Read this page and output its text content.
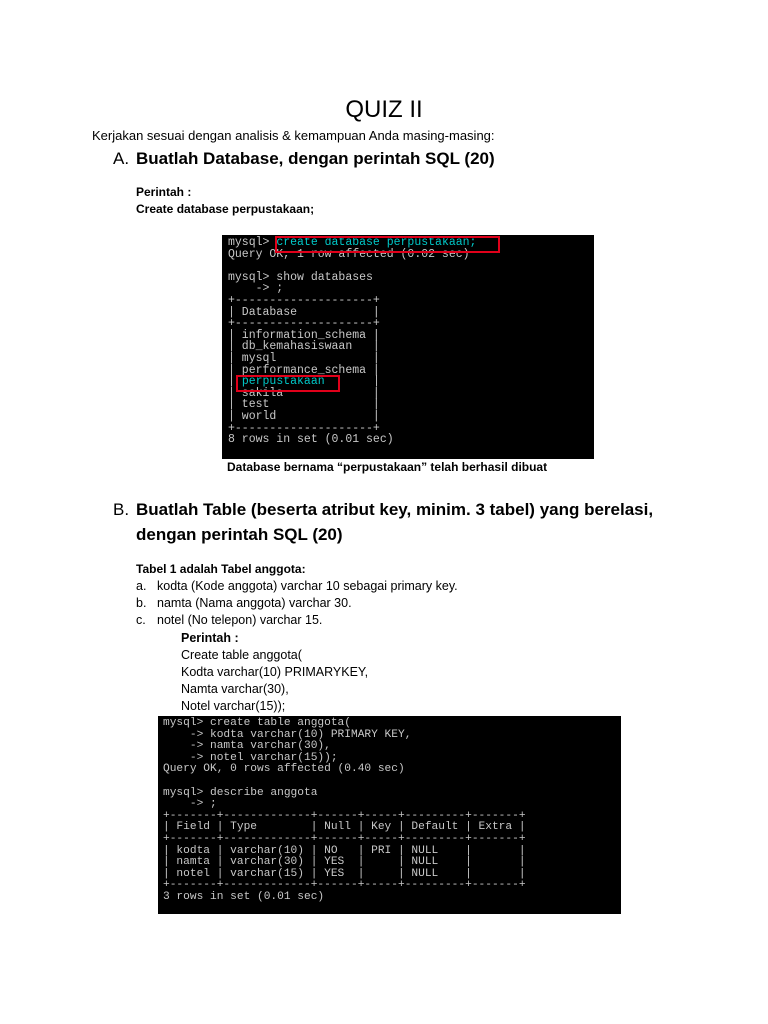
QUIZ II
Kerjakan sesuai dengan analisis & kemampuan Anda masing-masing:
A. Buatlah Database, dengan perintah SQL (20)
Perintah :
Create database perpustakaan;
mysql> create database perpustakaan;
Query OK, 1 row affected (0.02 sec)
mysql> show databases
-> ;
+--------------------+
| Database           |
+--------------------+
| information_schema |
| db_kemahasiswaan   |
| mysql              |
| performance_schema |
| perpustakaan       |
| sakila             |
| test               |
| world              |
+--------------------+
8 rows in set (0.01 sec)
Database bernama “perpustakaan” telah berhasil dibuat
B. Buatlah Table (beserta atribut key, minim. 3 tabel) yang berelasi,
dengan perintah SQL (20)
Tabel 1 adalah Tabel anggota:
a. kodta (Kode anggota) varchar 10 sebagai primary key.
b. namta (Nama anggota) varchar 30.
c. notel (No telepon) varchar 15.
Perintah :
Create table anggota(
Kodta varchar(10) PRIMARYKEY,
Namta varchar(30),
Notel varchar(15));
mysql> create table anggota(
-> kodta varchar(10) PRIMARY KEY,
-> namta varchar(30),
-> notel varchar(15));
Query OK, 0 rows affected (0.40 sec)
mysql> describe anggota
-> ;
+-------+-------------+------+-----+---------+-------+
| Field | Type        | Null | Key | Default | Extra |
+-------+-------------+------+-----+---------+-------+
| kodta | varchar(10) | NO   | PRI | NULL    |       |
| namta | varchar(30) | YES  |     | NULL    |       |
| notel | varchar(15) | YES  |     | NULL    |       |
+-------+-------------+------+-----+---------+-------+
3 rows in set (0.01 sec)
